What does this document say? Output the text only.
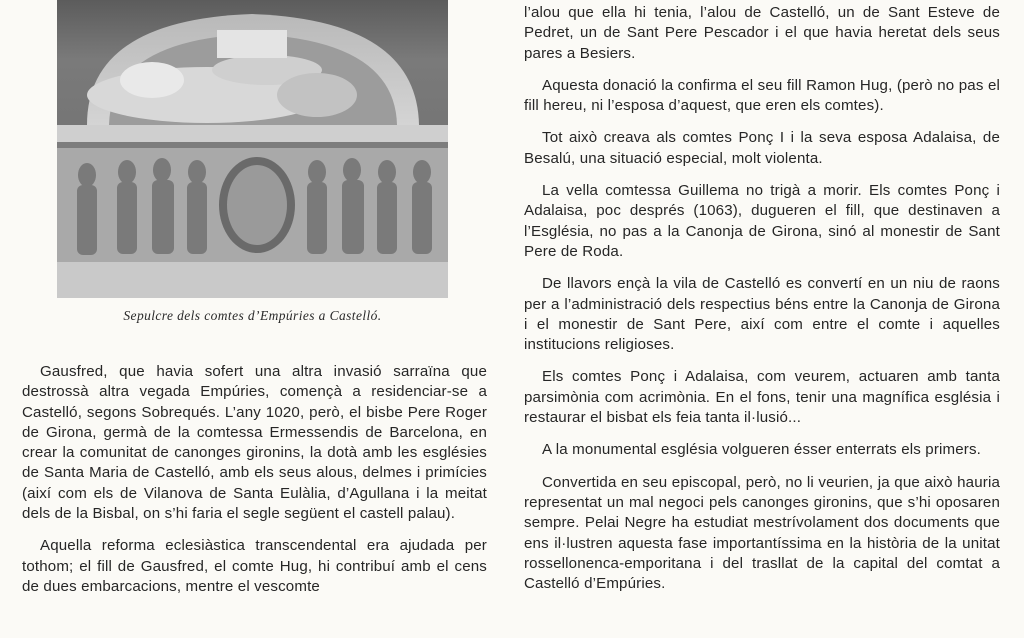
Sepulcre dels comtes d’Empúries a Castelló.

Gausfred, que havia sofert una altra invasió sarraïna que destrossà altra vegada Empúries, començà a residenciar-se a Castelló, segons Sobrequés. L’any 1020, però, el bisbe Pere Roger de Girona, germà de la comtessa Ermessendis de Barcelona, en crear la comunitat de canonges gironins, la dotà amb les esglésies de Santa Maria de Castelló, amb els seus alous, delmes i primícies (així com els de Vilanova de Santa Eulàlia, d’Agullana i la meitat dels de la Bisbal, on s’hi faria el segle següent el castell palau).

Aquella reforma eclesiàstica transcendental era ajudada per tothom; el fill de Gausfred, el comte Hug, hi contribuí amb el cens de dues embarcacions, mentre el vescomte

l’alou que ella hi tenia, l’alou de Castelló, un de Sant Esteve de Pedret, un de Sant Pere Pescador i el que havia heretat dels seus pares a Besiers.

Aquesta donació la confirma el seu fill Ramon Hug, (però no pas el fill hereu, ni l’esposa d’aquest, que eren els comtes).

Tot això creava als comtes Ponç I i la seva esposa Adalaisa, de Besalú, una situació especial, molt violenta.

La vella comtessa Guillema no trigà a morir. Els comtes Ponç i Adalaisa, poc després (1063), dugueren el fill, que destinaven a l’Església, no pas a la Canonja de Girona, sinó al monestir de Sant Pere de Roda.

De llavors ençà la vila de Castelló es convertí en un niu de raons per a l’administració dels respectius béns entre la Canonja de Girona i el monestir de Sant Pere, així com entre el comte i aquelles institucions religioses.

Els comtes Ponç i Adalaisa, com veurem, actuaren amb tanta parsimònia com acrimònia. En el fons, tenir una magnífica església i restaurar el bisbat els feia tanta il·lusió...

A la monumental església volgueren ésser enterrats els primers.

Convertida en seu episcopal, però, no li veurien, ja que això hauria representat un mal negoci pels canonges gironins, que s’hi oposaren sempre. Pelai Negre ha estudiat mestrívolament dos documents que ens il·lustren aquesta fase importantíssima en la història de la unitat rossellonenca-emporitana i del trasllat de la capital del comtat a Castelló d’Empúries.
